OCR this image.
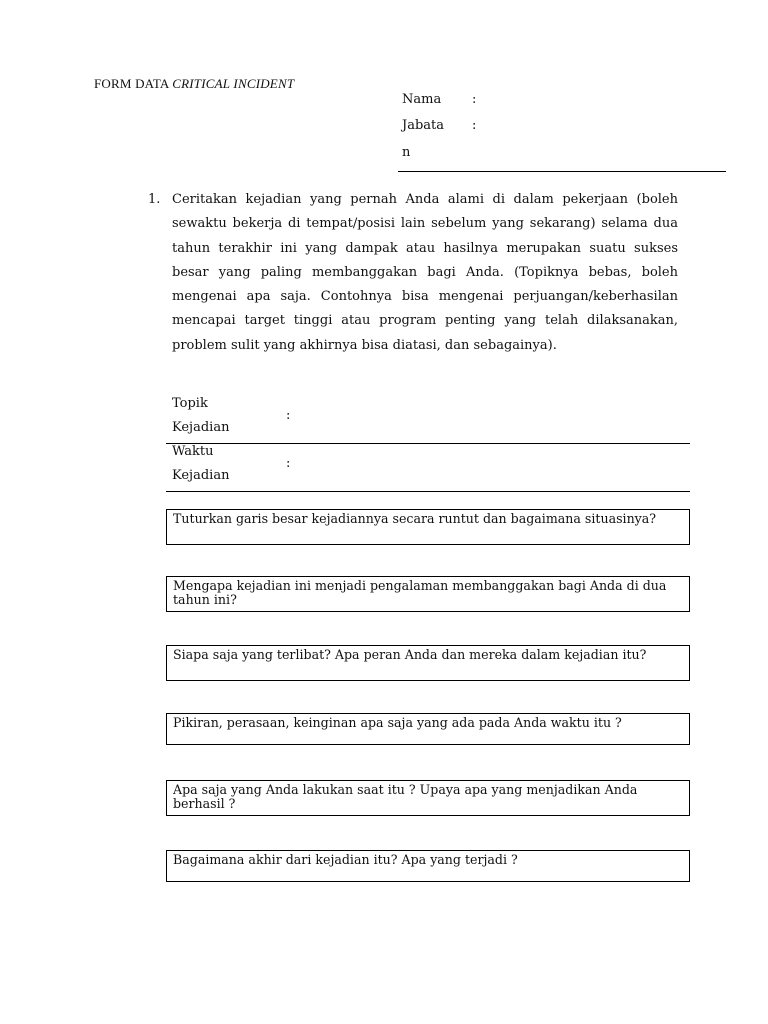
FORM DATA CRITICAL INCIDENT
Nama :
Jabata :
n
1. Ceritakan kejadian yang pernah Anda alami di dalam pekerjaan (boleh sewaktu bekerja di tempat/posisi lain sebelum yang sekarang) selama dua tahun terakhir ini yang dampak atau hasilnya merupakan suatu sukses besar yang paling membanggakan bagi Anda. (Topiknya bebas, boleh mengenai apa saja. Contohnya bisa mengenai perjuangan/keberhasilan mencapai target tinggi atau program penting yang telah dilaksanakan, problem sulit yang akhirnya bisa diatasi, dan sebagainya).
Topik Kejadian
:
Waktu Kejadian
:
Tuturkan garis besar kejadiannya secara runtut dan bagaimana situasinya?
Mengapa kejadian ini menjadi pengalaman membanggakan bagi Anda di dua tahun ini?
Siapa saja yang terlibat? Apa peran Anda dan mereka dalam kejadian itu?
Pikiran, perasaan, keinginan apa saja yang ada pada Anda waktu itu ?
Apa saja yang Anda lakukan saat itu ? Upaya apa yang menjadikan Anda berhasil ?
Bagaimana akhir dari kejadian itu? Apa yang terjadi ?
